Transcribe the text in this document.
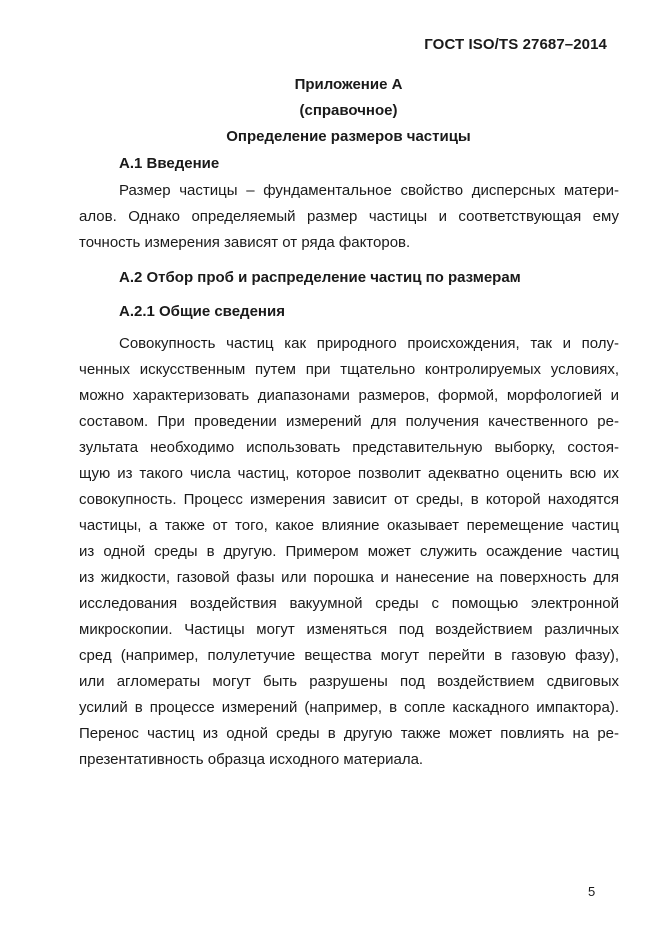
ГОСТ ISO/TS 27687–2014
Приложение А
(справочное)
Определение размеров частицы
А.1 Введение
Размер частицы – фундаментальное свойство дисперсных матери-
алов. Однако определяемый размер частицы и соответствующая ему
точность измерения зависят от ряда факторов.
А.2 Отбор проб и распределение частиц по размерам
А.2.1 Общие сведения
Совокупность частиц как природного происхождения, так и полу-
ченных искусственным путем при тщательно контролируемых условиях,
можно характеризовать диапазонами размеров, формой, морфологией и
составом. При проведении измерений для получения качественного ре-
зультата необходимо использовать представительную выборку, состоя-
щую из такого числа частиц, которое позволит адекватно оценить всю их
совокупность. Процесс измерения зависит от среды, в которой находятся
частицы, а также от того, какое влияние оказывает перемещение частиц
из одной среды в другую. Примером может служить осаждение частиц
из жидкости, газовой фазы или порошка и нанесение на поверхность для
исследования воздействия вакуумной среды с помощью электронной
микроскопии. Частицы могут изменяться под воздействием различных
сред (например, полулетучие вещества могут перейти в газовую фазу),
или агломераты могут быть разрушены под воздействием сдвиговых
усилий в процессе измерений (например, в сопле каскадного импактора).
Перенос частиц из одной среды в другую также может повлиять на ре-
презентативность образца исходного материала.
5
